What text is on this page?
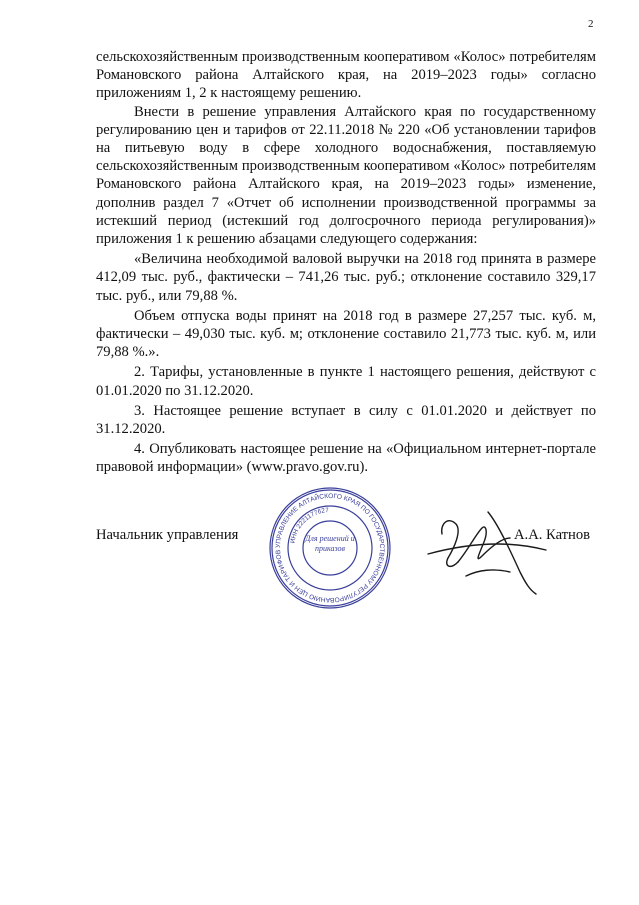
2

сельскохозяйственным производственным кооперативом «Колос» потребителям Романовского района Алтайского края, на 2019–2023 годы» согласно приложениям 1, 2 к настоящему решению.

Внести в решение управления Алтайского края по государственному регулированию цен и тарифов от 22.11.2018 № 220 «Об установлении тарифов на питьевую воду в сфере холодного водоснабжения, поставляемую сельскохозяйственным производственным кооперативом «Колос» потребителям Романовского района Алтайского края, на 2019–2023 годы» изменение, дополнив раздел 7 «Отчет об исполнении производственной программы за истекший период (истекший год долгосрочного периода регулирования)» приложения 1 к решению абзацами следующего содержания:

«Величина необходимой валовой выручки на 2018 год принята в размере 412,09 тыс. руб., фактически – 741,26 тыс. руб.; отклонение составило 329,17 тыс. руб., или 79,88 %.

Объем отпуска воды принят на 2018 год в размере 27,257 тыс. куб. м, фактически – 49,030 тыс. куб. м; отклонение составило 21,773 тыс. куб. м, или 79,88 %.».

2. Тарифы, установленные в пункте 1 настоящего решения, действуют с 01.01.2020 по 31.12.2020.

3. Настоящее решение вступает в силу с 01.01.2020 и действует по 31.12.2020.

4. Опубликовать настоящее решение на «Официальном интернет-портале правовой информации» (www.pravo.gov.ru).

Начальник управления
УПРАВЛЕНИЕ АЛТАЙСКОГО КРАЯ ПО ГОСУДАРСТВЕННОМУ РЕГУЛИРОВАНИЮ ЦЕН И ТАРИФОВ
ИНН 2221177627
Для решений и приказов
А.А. Катнов
